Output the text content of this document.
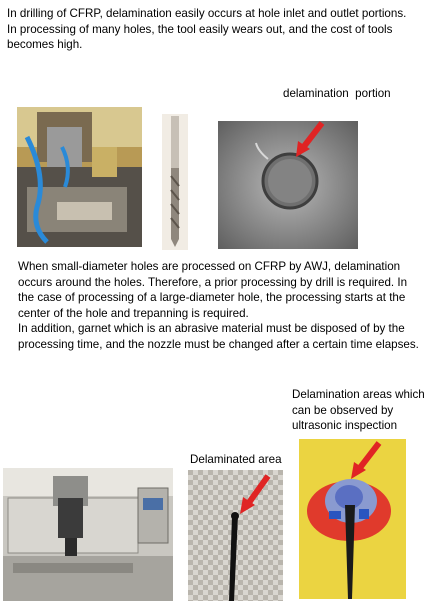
In drilling of CFRP, delamination easily occurs at hole inlet and outlet portions.
In processing of many holes, the tool easily wears out, and the cost of tools
becomes high.
delamination  portion
When small-diameter holes are processed on CFRP by AWJ, delamination
occurs around the holes. Therefore, a prior processing by drill is required. In
the case of processing of a large-diameter hole, the processing starts at the
center of the hole and trepanning is required.
In addition, garnet which is an abrasive material must be disposed of by the
processing time, and the nozzle must be changed after a certain time elapses.
Delamination areas which
can be observed by
ultrasonic inspection
Delaminated area
